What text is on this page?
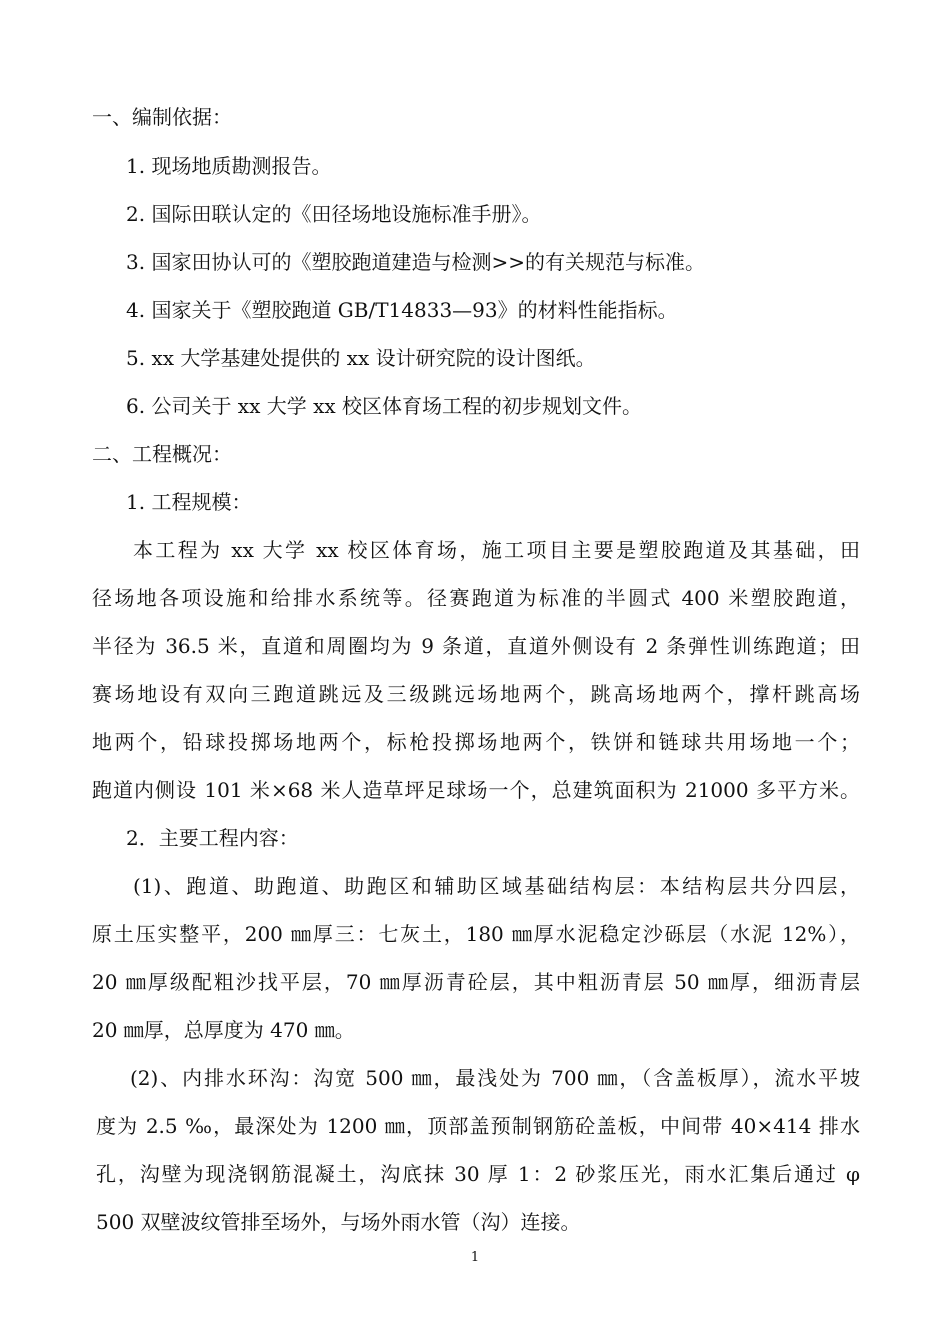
一、编制依据：
1. 现场地质勘测报告。
2. 国际田联认定的《田径场地设施标准手册》。
3. 国家田协认可的《塑胶跑道建造与检测>>的有关规范与标准。
4. 国家关于《塑胶跑道 GB/T14833—93》的材料性能指标。
5. xx 大学基建处提供的 xx 设计研究院的设计图纸。
6. 公司关于 xx 大学 xx 校区体育场工程的初步规划文件。
二、工程概况：
1. 工程规模：
本工程为 xx 大学 xx 校区体育场，施工项目主要是塑胶跑道及其基础，田
径场地各项设施和给排水系统等。径赛跑道为标准的半圆式 400 米塑胶跑道，
半径为 36.5 米，直道和周圈均为 9 条道，直道外侧设有 2 条弹性训练跑道；田
赛场地设有双向三跑道跳远及三级跳远场地两个，跳高场地两个，撑杆跳高场
地两个，铅球投掷场地两个，标枪投掷场地两个，铁饼和链球共用场地一个；
跑道内侧设 101 米×68 米人造草坪足球场一个，总建筑面积为 21000 多平方米。
2．主要工程内容：
(1)、跑道、助跑道、助跑区和辅助区域基础结构层：本结构层共分四层，
原土压实整平，200 ㎜厚三：七灰土，180 ㎜厚水泥稳定沙砾层（水泥 12%），
20 ㎜厚级配粗沙找平层，70 ㎜厚沥青砼层，其中粗沥青层 50 ㎜厚，细沥青层
20 ㎜厚，总厚度为 470 ㎜。
(2)、内排水环沟：沟宽 500 ㎜，最浅处为 700 ㎜，（含盖板厚），流水平坡
度为 2.5 ‰，最深处为 1200 ㎜，顶部盖预制钢筋砼盖板，中间带 40×414 排水
孔，沟壁为现浇钢筋混凝土，沟底抹 30 厚 1：2 砂浆压光，雨水汇集后通过 φ
500 双壁波纹管排至场外，与场外雨水管（沟）连接。
1
